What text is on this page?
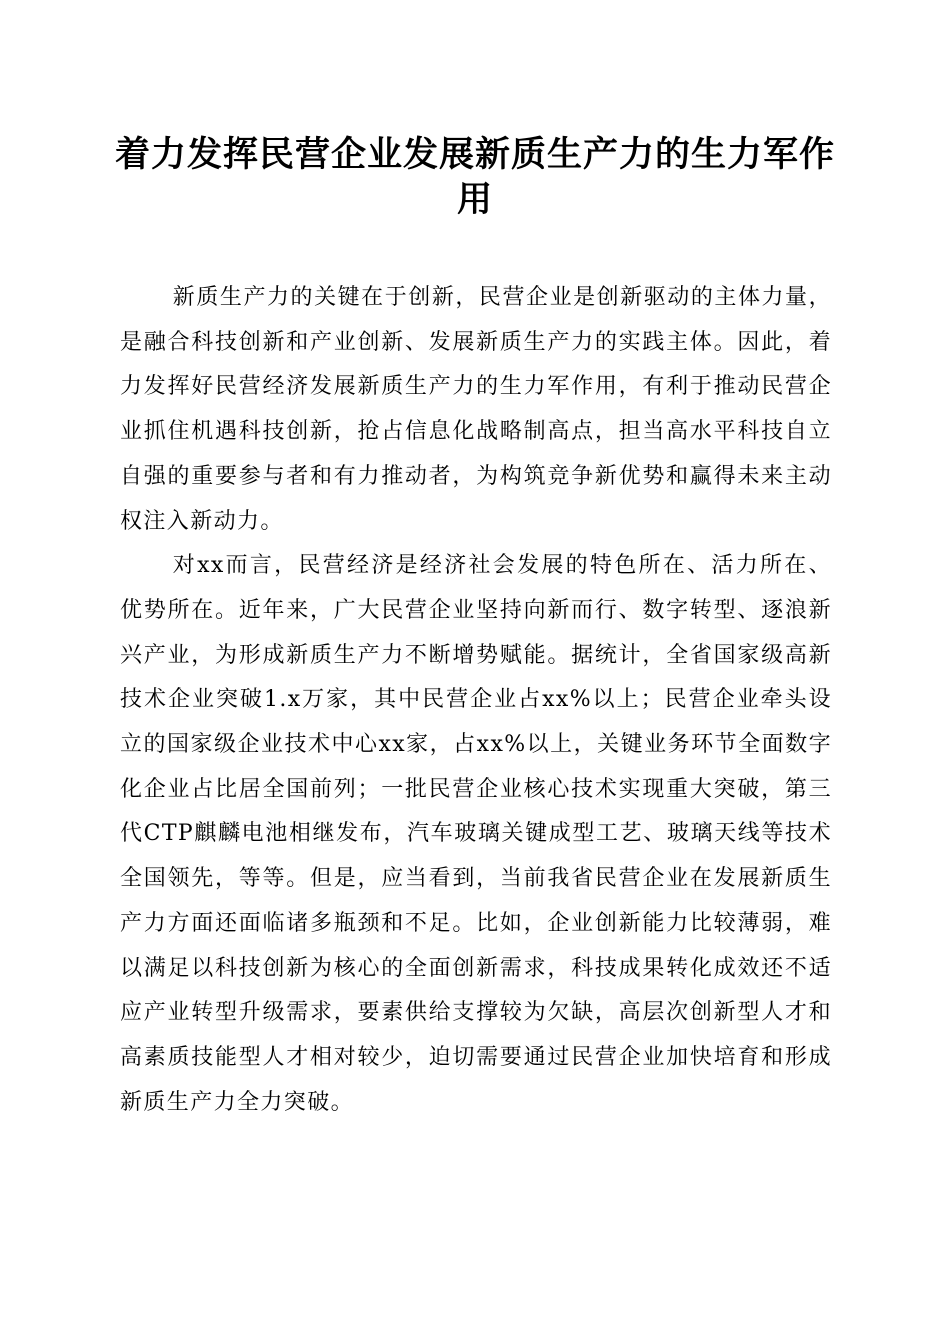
着力发挥民营企业发展新质生产力的生力军作用

新质生产力的关键在于创新，民营企业是创新驱动的主体力量，是融合科技创新和产业创新、发展新质生产力的实践主体。因此，着力发挥好民营经济发展新质生产力的生力军作用，有利于推动民营企业抓住机遇科技创新，抢占信息化战略制高点，担当高水平科技自立自强的重要参与者和有力推动者，为构筑竞争新优势和赢得未来主动权注入新动力。

对xx而言，民营经济是经济社会发展的特色所在、活力所在、优势所在。近年来，广大民营企业坚持向新而行、数字转型、逐浪新兴产业，为形成新质生产力不断增势赋能。据统计，全省国家级高新技术企业突破1.x万家，其中民营企业占xx%以上；民营企业牵头设立的国家级企业技术中心xx家，占xx%以上，关键业务环节全面数字化企业占比居全国前列；一批民营企业核心技术实现重大突破，第三代CTP麒麟电池相继发布，汽车玻璃关键成型工艺、玻璃天线等技术全国领先，等等。但是，应当看到，当前我省民营企业在发展新质生产力方面还面临诸多瓶颈和不足。比如，企业创新能力比较薄弱，难以满足以科技创新为核心的全面创新需求，科技成果转化成效还不适应产业转型升级需求，要素供给支撑较为欠缺，高层次创新型人才和高素质技能型人才相对较少，迫切需要通过民营企业加快培育和形成新质生产力全力突破。
